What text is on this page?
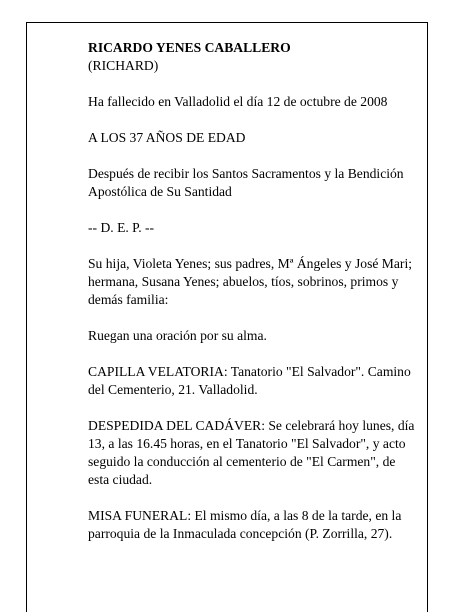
RICARDO YENES CABALLERO
(RICHARD)

Ha fallecido en Valladolid el día 12 de octubre de 2008

A LOS 37 AÑOS DE EDAD

Después de recibir los Santos Sacramentos y la Bendición Apostólica de Su Santidad

-- D. E. P. --

Su hija, Violeta Yenes; sus padres, Mª Ángeles y José Mari; hermana, Susana Yenes; abuelos, tíos, sobrinos, primos y demás familia:

Ruegan una oración por su alma.

CAPILLA VELATORIA: Tanatorio "El Salvador". Camino del Cementerio, 21. Valladolid.

DESPEDIDA DEL CADÁVER: Se celebrará hoy lunes, día 13, a las 16.45 horas, en el Tanatorio "El Salvador", y acto seguido la conducción al cementerio de "El Carmen", de esta ciudad.

MISA FUNERAL: El mismo día, a las 8 de la tarde, en la parroquia de la Inmaculada concepción (P. Zorrilla, 27).
